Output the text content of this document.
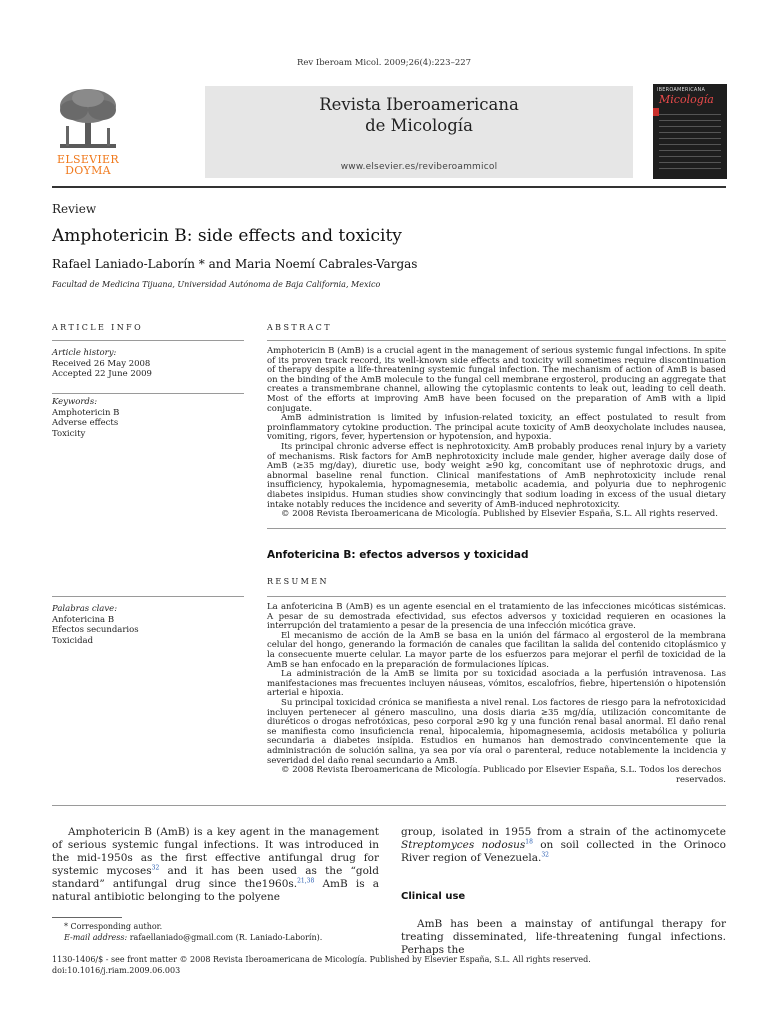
Rev Iberoam Micol. 2009;26(4):223–227
ELSEVIER
DOYMA
Revista Iberoamericana
de Micología
www.elsevier.es/reviberoammicol
IBEROAMERICANA
Micología
Review
Amphotericin B: side effects and toxicity
Rafael Laniado-Laborín * and Maria Noemí Cabrales-Vargas
Facultad de Medicina Tijuana, Universidad Autónoma de Baja California, Mexico
ARTICLE INFO
Article history:
Received 26 May 2008
Accepted 22 June 2009
Keywords:
Amphotericin B
Adverse effects
Toxicity
ABSTRACT

Amphotericin B (AmB) is a crucial agent in the management of serious systemic fungal infections. In spite of its proven track record, its well-known side effects and toxicity will sometimes require discontinuation of therapy despite a life-threatening systemic fungal infection. The mechanism of action of AmB is based on the binding of the AmB molecule to the fungal cell membrane ergosterol, producing an aggregate that creates a transmembrane channel, allowing the cytoplasmic contents to leak out, leading to cell death. Most of the efforts at improving AmB have been focused on the preparation of AmB with a lipid conjugate.

AmB administration is limited by infusion-related toxicity, an effect postulated to result from proinflammatory cytokine production. The principal acute toxicity of AmB deoxycholate includes nausea, vomiting, rigors, fever, hypertension or hypotension, and hypoxia.

Its principal chronic adverse effect is nephrotoxicity. AmB probably produces renal injury by a variety of mechanisms. Risk factors for AmB nephrotoxicity include male gender, higher average daily dose of AmB (≥35 mg/day), diuretic use, body weight ≥90 kg, concomitant use of nephrotoxic drugs, and abnormal baseline renal function. Clinical manifestations of AmB nephrotoxicity include renal insufficiency, hypokalemia, hypomagnesemia, metabolic academia, and polyuria due to nephrogenic diabetes insipidus. Human studies show convincingly that sodium loading in excess of the usual dietary intake notably reduces the incidence and severity of AmB-induced nephrotoxicity.

© 2008 Revista Iberoamericana de Micología. Published by Elsevier España, S.L. All rights reserved.

Anfotericina B: efectos adversos y toxicidad
RESUMEN
Palabras clave:
Anfotericina B
Efectos secundarios
Toxicidad

La anfotericina B (AmB) es un agente esencial en el tratamiento de las infecciones micóticas sistémicas. A pesar de su demostrada efectividad, sus efectos adversos y toxicidad requieren en ocasiones la interrupción del tratamiento a pesar de la presencia de una infección micótica grave.

El mecanismo de acción de la AmB se basa en la unión del fármaco al ergosterol de la membrana celular del hongo, generando la formación de canales que facilitan la salida del contenido citoplásmico y la consecuente muerte celular. La mayor parte de los esfuerzos para mejorar el perfil de toxicidad de la AmB se han enfocado en la preparación de formulaciones lípicas.

La administración de la AmB se limita por su toxicidad asociada a la perfusión intravenosa. Las manifestaciones mas frecuentes incluyen náuseas, vómitos, escalofríos, fiebre, hipertensión o hipotensión arterial e hipoxia.

Su principal toxicidad crónica se manifiesta a nivel renal. Los factores de riesgo para la nefrotoxicidad incluyen pertenecer al género masculino, una dosis diaria ≥35 mg/día, utilización concomitante de diuréticos o drogas nefrotóxicas, peso corporal ≥90 kg y una función renal basal anormal. El daño renal se manifiesta como insuficiencia renal, hipocalemia, hipomagnesemia, acidosis metabólica y poliuria secundaria a diabetes insípida. Estudios en humanos han demostrado convincentemente que la administración de solución salina, ya sea por vía oral o parenteral, reduce notablemente la incidencia y severidad del daño renal secundario a AmB.

© 2008 Revista Iberoamericana de Micología. Publicado por Elsevier España, S.L. Todos los derechos

reservados.

Amphotericin B (AmB) is a key agent in the management of serious systemic fungal infections. It was introduced in the mid-1950s as the first effective antifungal drug for systemic mycoses$^{32}$ and it has been used as the “gold standard” antifungal drug since the1960s.$^{21,38}$ AmB is a natural antibiotic belonging to the polyene

group, isolated in 1955 from a strain of the actinomycete Streptomyces nodosus$^{18}$ on soil collected in the Orinoco River region of Venezuela.$^{32}$

Clinical use

AmB has been a mainstay of antifungal therapy for treating disseminated, life-threatening fungal infections. Perhaps the

* Corresponding author.
E-mail address: rafaellaniado@gmail.com (R. Laniado-Laborín).
1130-1406/$ - see front matter © 2008 Revista Iberoamericana de Micología. Published by Elsevier España, S.L. All rights reserved.
doi:10.1016/j.riam.2009.06.003
